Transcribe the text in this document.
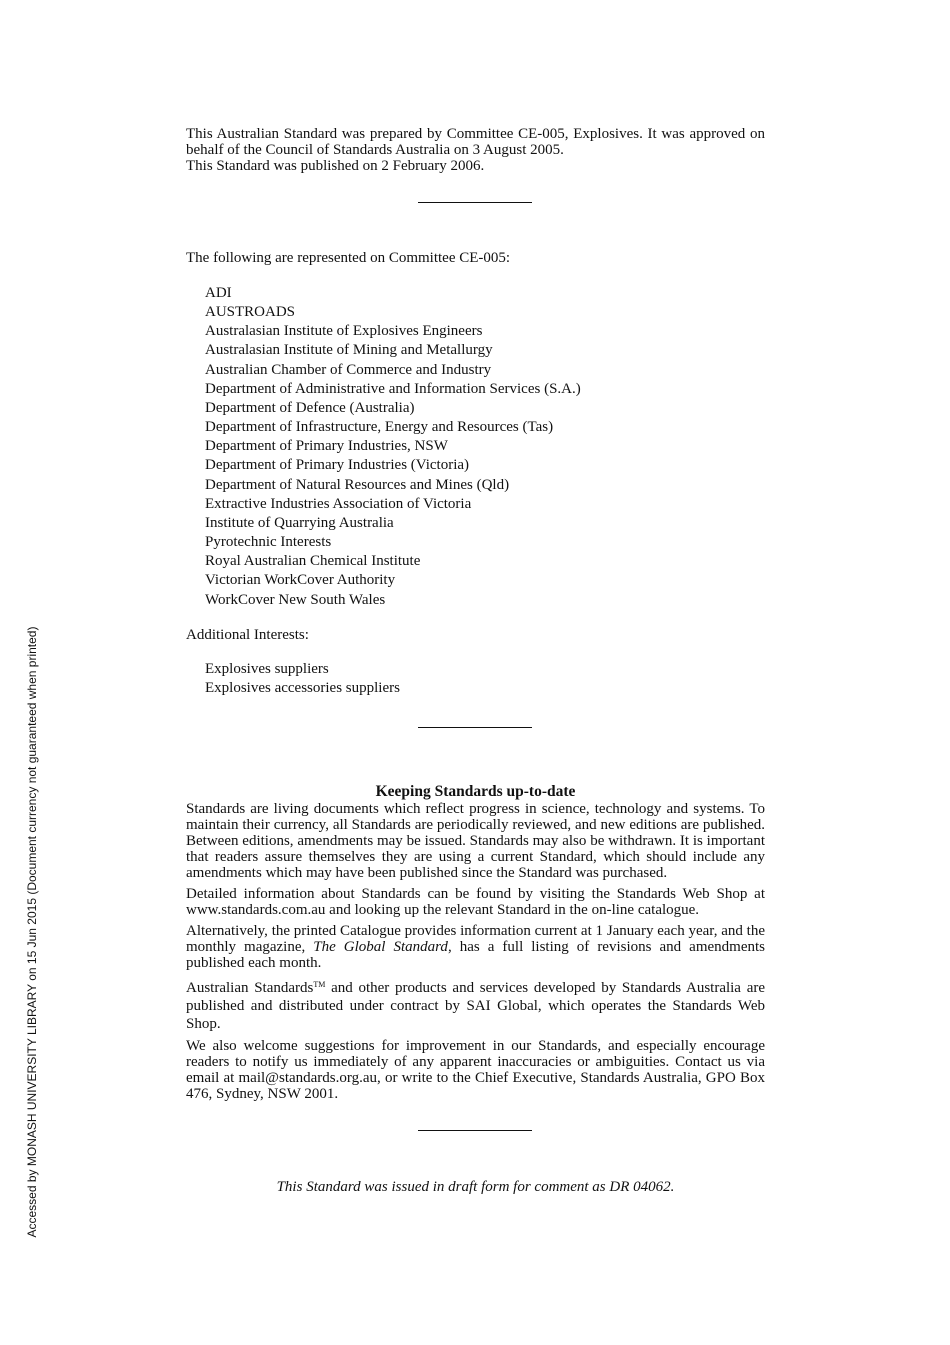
Accessed by MONASH UNIVERSITY LIBRARY on 15 Jun 2015 (Document currency not guaranteed when printed)

This Australian Standard was prepared by Committee CE-005, Explosives. It was approved on behalf of the Council of Standards Australia on 3 August 2005.

This Standard was published on 2 February 2006.

The following are represented on Committee CE-005:

ADI
AUSTROADS
Australasian Institute of Explosives Engineers
Australasian Institute of Mining and Metallurgy
Australian Chamber of Commerce and Industry
Department of Administrative and Information Services (S.A.)
Department of Defence (Australia)
Department of Infrastructure, Energy and Resources (Tas)
Department of Primary Industries, NSW
Department of Primary Industries (Victoria)
Department of Natural Resources and Mines (Qld)
Extractive Industries Association of Victoria
Institute of Quarrying Australia
Pyrotechnic Interests
Royal Australian Chemical Institute
Victorian WorkCover Authority
WorkCover New South Wales

Additional Interests:

Explosives suppliers
Explosives accessories suppliers
Keeping Standards up-to-date

Standards are living documents which reflect progress in science, technology and systems. To maintain their currency, all Standards are periodically reviewed, and new editions are published. Between editions, amendments may be issued. Standards may also be withdrawn. It is important that readers assure themselves they are using a current Standard, which should include any amendments which may have been published since the Standard was purchased.

Detailed information about Standards can be found by visiting the Standards Web Shop at www.standards.com.au and looking up the relevant Standard in the on-line catalogue.

Alternatively, the printed Catalogue provides information current at 1 January each year, and the monthly magazine, The Global Standard, has a full listing of revisions and amendments published each month.

Australian Standards™ and other products and services developed by Standards Australia are published and distributed under contract by SAI Global, which operates the Standards Web Shop.

We also welcome suggestions for improvement in our Standards, and especially encourage readers to notify us immediately of any apparent inaccuracies or ambiguities. Contact us via email at mail@standards.org.au, or write to the Chief Executive, Standards Australia, GPO Box 476, Sydney, NSW 2001.

This Standard was issued in draft form for comment as DR 04062.
